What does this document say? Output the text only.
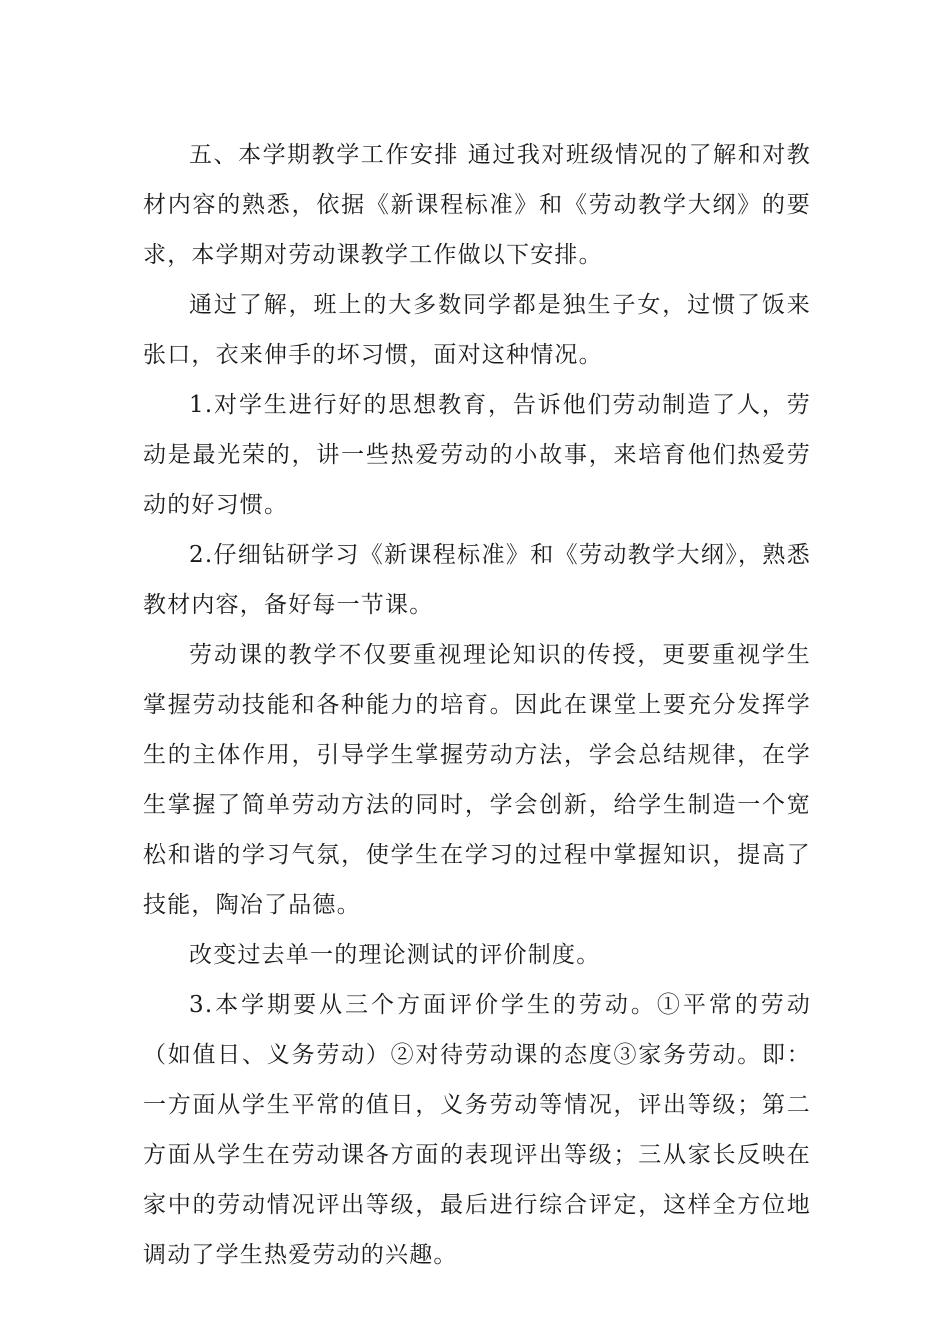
五、本学期教学工作安排 通过我对班级情况的了解和对教材内容的熟悉，依据《新课程标准》和《劳动教学大纲》的要求，本学期对劳动课教学工作做以下安排。

通过了解，班上的大多数同学都是独生子女，过惯了饭来张口，衣来伸手的坏习惯，面对这种情况。

1.对学生进行好的思想教育，告诉他们劳动制造了人，劳动是最光荣的，讲一些热爱劳动的小故事，来培育他们热爱劳动的好习惯。

2.仔细钻研学习《新课程标准》和《劳动教学大纲》，熟悉教材内容，备好每一节课。

劳动课的教学不仅要重视理论知识的传授，更要重视学生掌握劳动技能和各种能力的培育。因此在课堂上要充分发挥学生的主体作用，引导学生掌握劳动方法，学会总结规律，在学生掌握了简单劳动方法的同时，学会创新，给学生制造一个宽松和谐的学习气氛，使学生在学习的过程中掌握知识，提高了技能，陶冶了品德。

改变过去单一的理论测试的评价制度。

3.本学期要从三个方面评价学生的劳动。①平常的劳动（如值日、义务劳动）②对待劳动课的态度③家务劳动。即：一方面从学生平常的值日，义务劳动等情况，评出等级；第二方面从学生在劳动课各方面的表现评出等级；三从家长反映在家中的劳动情况评出等级，最后进行综合评定，这样全方位地调动了学生热爱劳动的兴趣。
